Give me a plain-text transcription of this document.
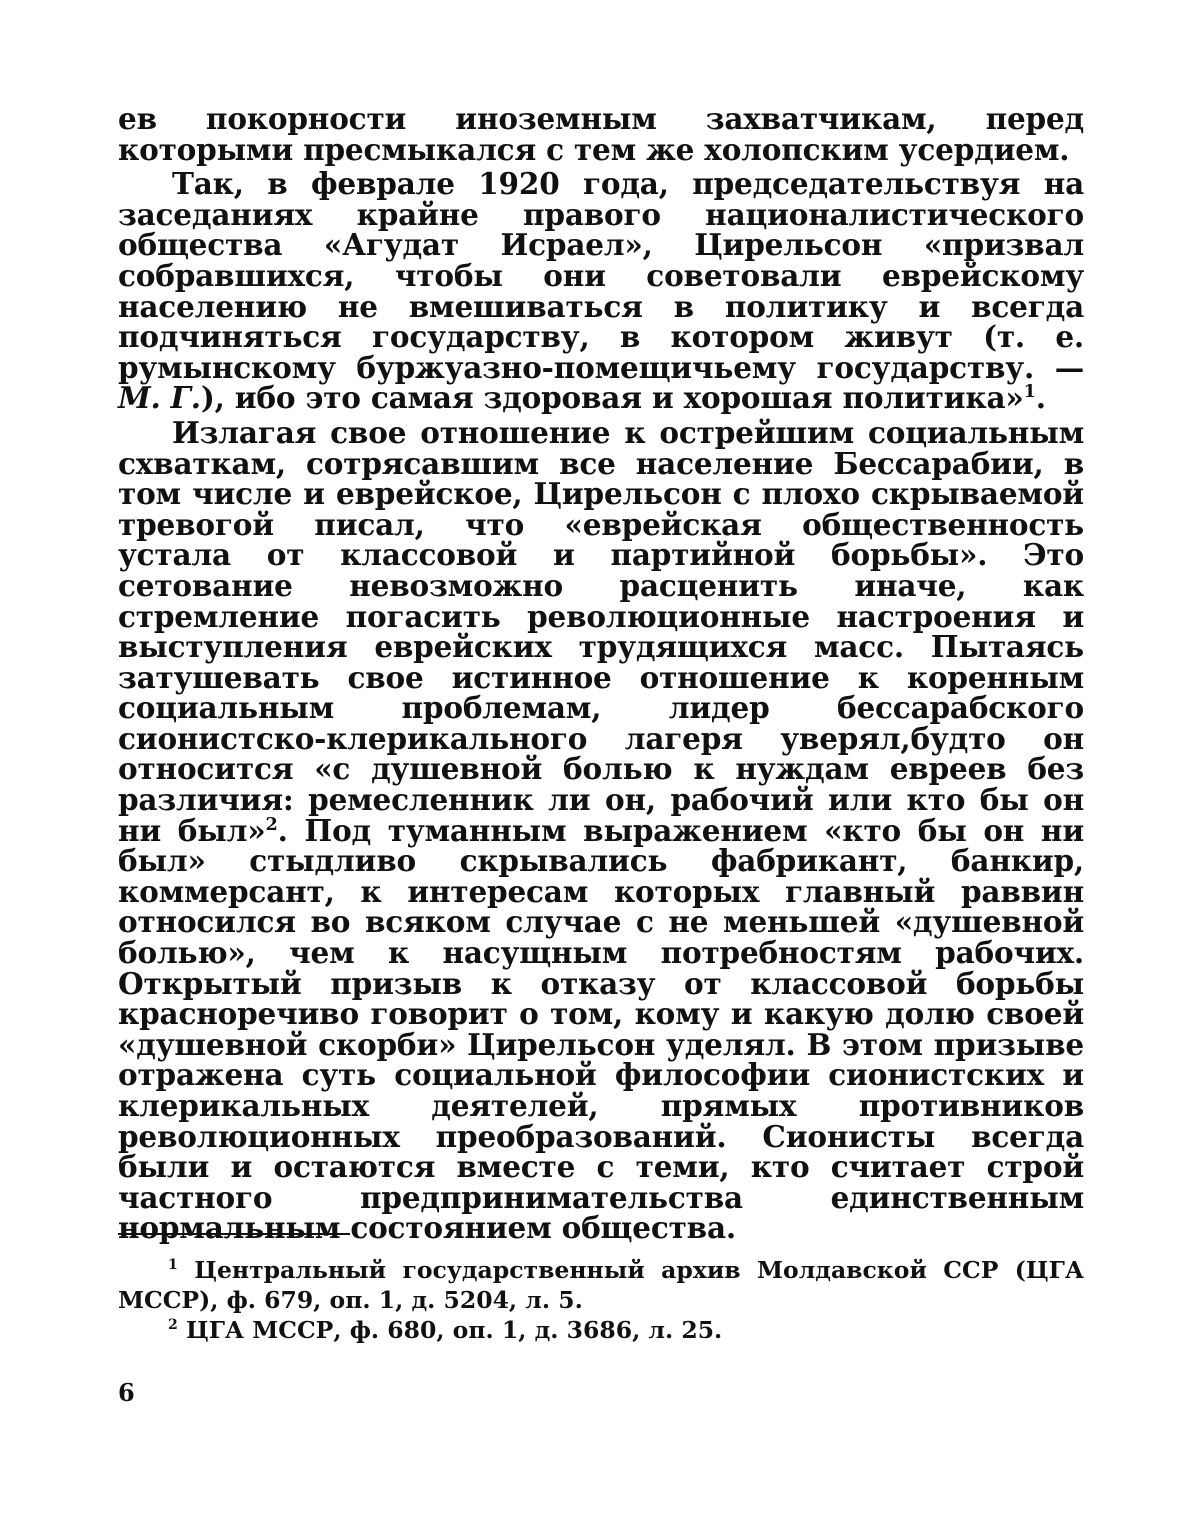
ев покорности иноземным захватчикам, перед которыми пресмыкался с тем же холопским усердием.

Так, в феврале 1920 года, председательствуя на заседаниях крайне правого националистического общества «Агудат Исраел», Цирельсон «призвал собравшихся, чтобы они советовали еврейскому населению не вмешиваться в политику и всегда подчиняться государству, в котором живут (т. е. румынскому буржуазно-помещичьему государству. — М. Г.), ибо это самая здоровая и хорошая политика»$^1$.

Излагая свое отношение к острейшим социальным схваткам, сотрясавшим все население Бессарабии, в том числе и еврейское, Цирельсон с плохо скрываемой тревогой писал, что «еврейская общественность устала от классовой и партийной борьбы». Это сетование невозможно расценить иначе, как стремление погасить революционные настроения и выступления еврейских трудящихся масс. Пытаясь затушевать свое истинное отношение к коренным социальным проблемам, лидер бессарабского сионистско-клерикального лагеря уверял,будто он относится «с душевной болью к нуждам евреев без различия: ремесленник ли он, рабочий или кто бы он ни был»$^2$. Под туманным выражением «кто бы он ни был» стыдливо скрывались фабрикант, банкир, коммерсант, к интересам которых главный раввин относился во всяком случае с не меньшей «душевной болью», чем к насущным потребностям рабочих. Открытый призыв к отказу от классовой борьбы красноречиво говорит о том, кому и какую долю своей «душевной скорби» Цирельсон уделял. В этом призыве отражена суть социальной философии сионистских и клерикальных деятелей, прямых противников революционных преобразований. Сионисты всегда были и остаются вместе с теми, кто считает строй частного предпринимательства единственным нормальным состоянием общества.

$^1$ Центральный государственный архив Молдавской ССР (ЦГА МССР), ф. 679, оп. 1, д. 5204, л. 5.

$^2$ ЦГА МССР, ф. 680, оп. 1, д. 3686, л. 25.

6
